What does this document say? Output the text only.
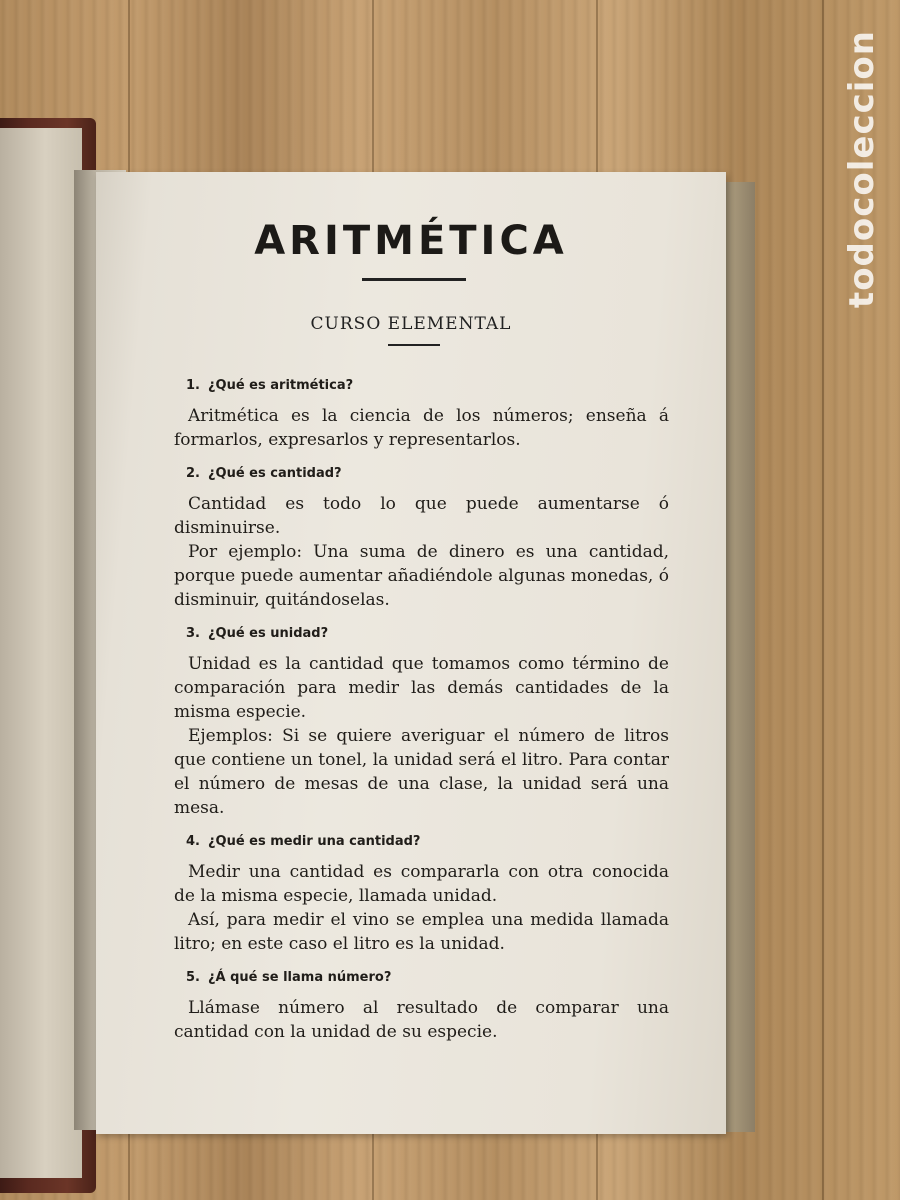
ARITMÉTICA
CURSO ELEMENTAL
1. ¿Qué es aritmética?

Aritmética es la ciencia de los números; enseña á formarlos, expresarlos y representarlos.

2. ¿Qué es cantidad?

Cantidad es todo lo que puede aumentarse ó disminuirse.

Por ejemplo: Una suma de dinero es una cantidad, porque puede aumentar añadiéndole algunas monedas, ó disminuir, quitándoselas.

3. ¿Qué es unidad?

Unidad es la cantidad que tomamos como término de comparación para medir las demás cantidades de la misma especie.

Ejemplos: Si se quiere averiguar el número de litros que contiene un tonel, la unidad será el litro. Para contar el número de mesas de una clase, la unidad será una mesa.

4. ¿Qué es medir una cantidad?

Medir una cantidad es compararla con otra conocida de la misma especie, llamada unidad.

Así, para medir el vino se emplea una medida llamada litro; en este caso el litro es la unidad.

5. ¿Á qué se llama número?

Llámase número al resultado de comparar una cantidad con la unidad de su especie.

todocoleccion
